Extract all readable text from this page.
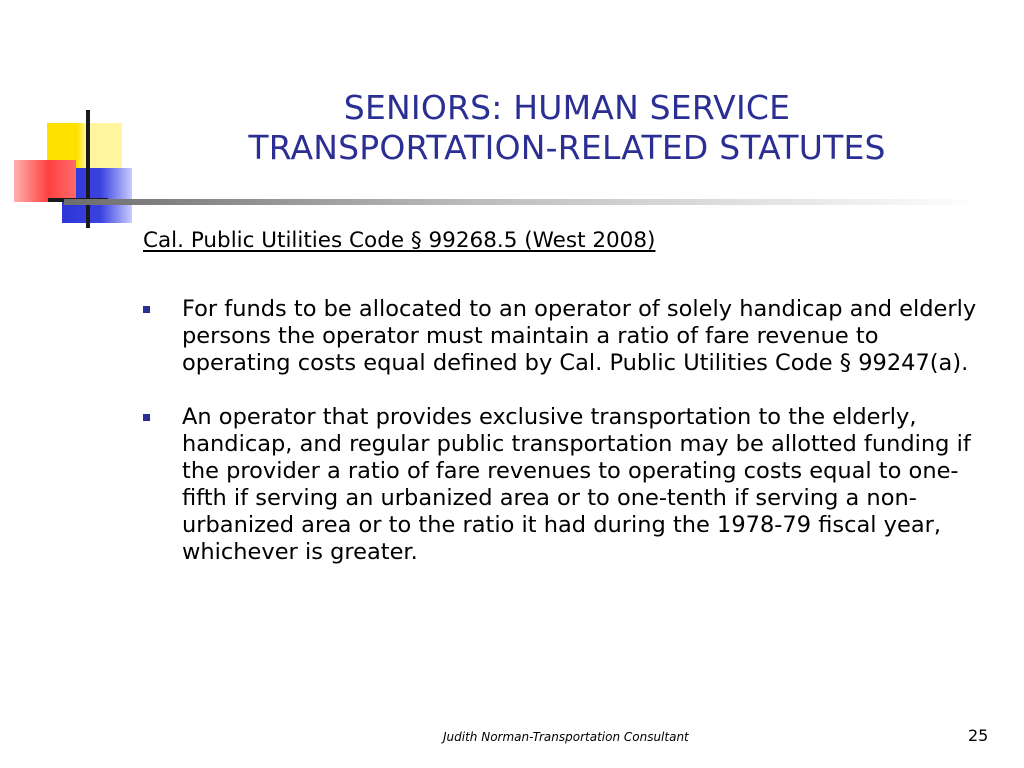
SENIORS: HUMAN SERVICE
TRANSPORTATION-RELATED STATUTES

Cal. Public Utilities Code § 99268.5 (West 2008)

For funds to be allocated to an operator of solely handicap and elderly persons the operator must maintain a ratio of fare revenue to operating costs equal defined by Cal. Public Utilities Code § 99247(a).
An operator that provides exclusive transportation to the elderly, handicap, and regular public transportation may be allotted funding if the provider a ratio of fare revenues to operating costs equal to one-fifth if serving an urbanized area or to one-tenth if serving a non-urbanized area or to the ratio it had during the 1978-79 fiscal year, whichever is greater.
Judith Norman-Transportation Consultant	25
